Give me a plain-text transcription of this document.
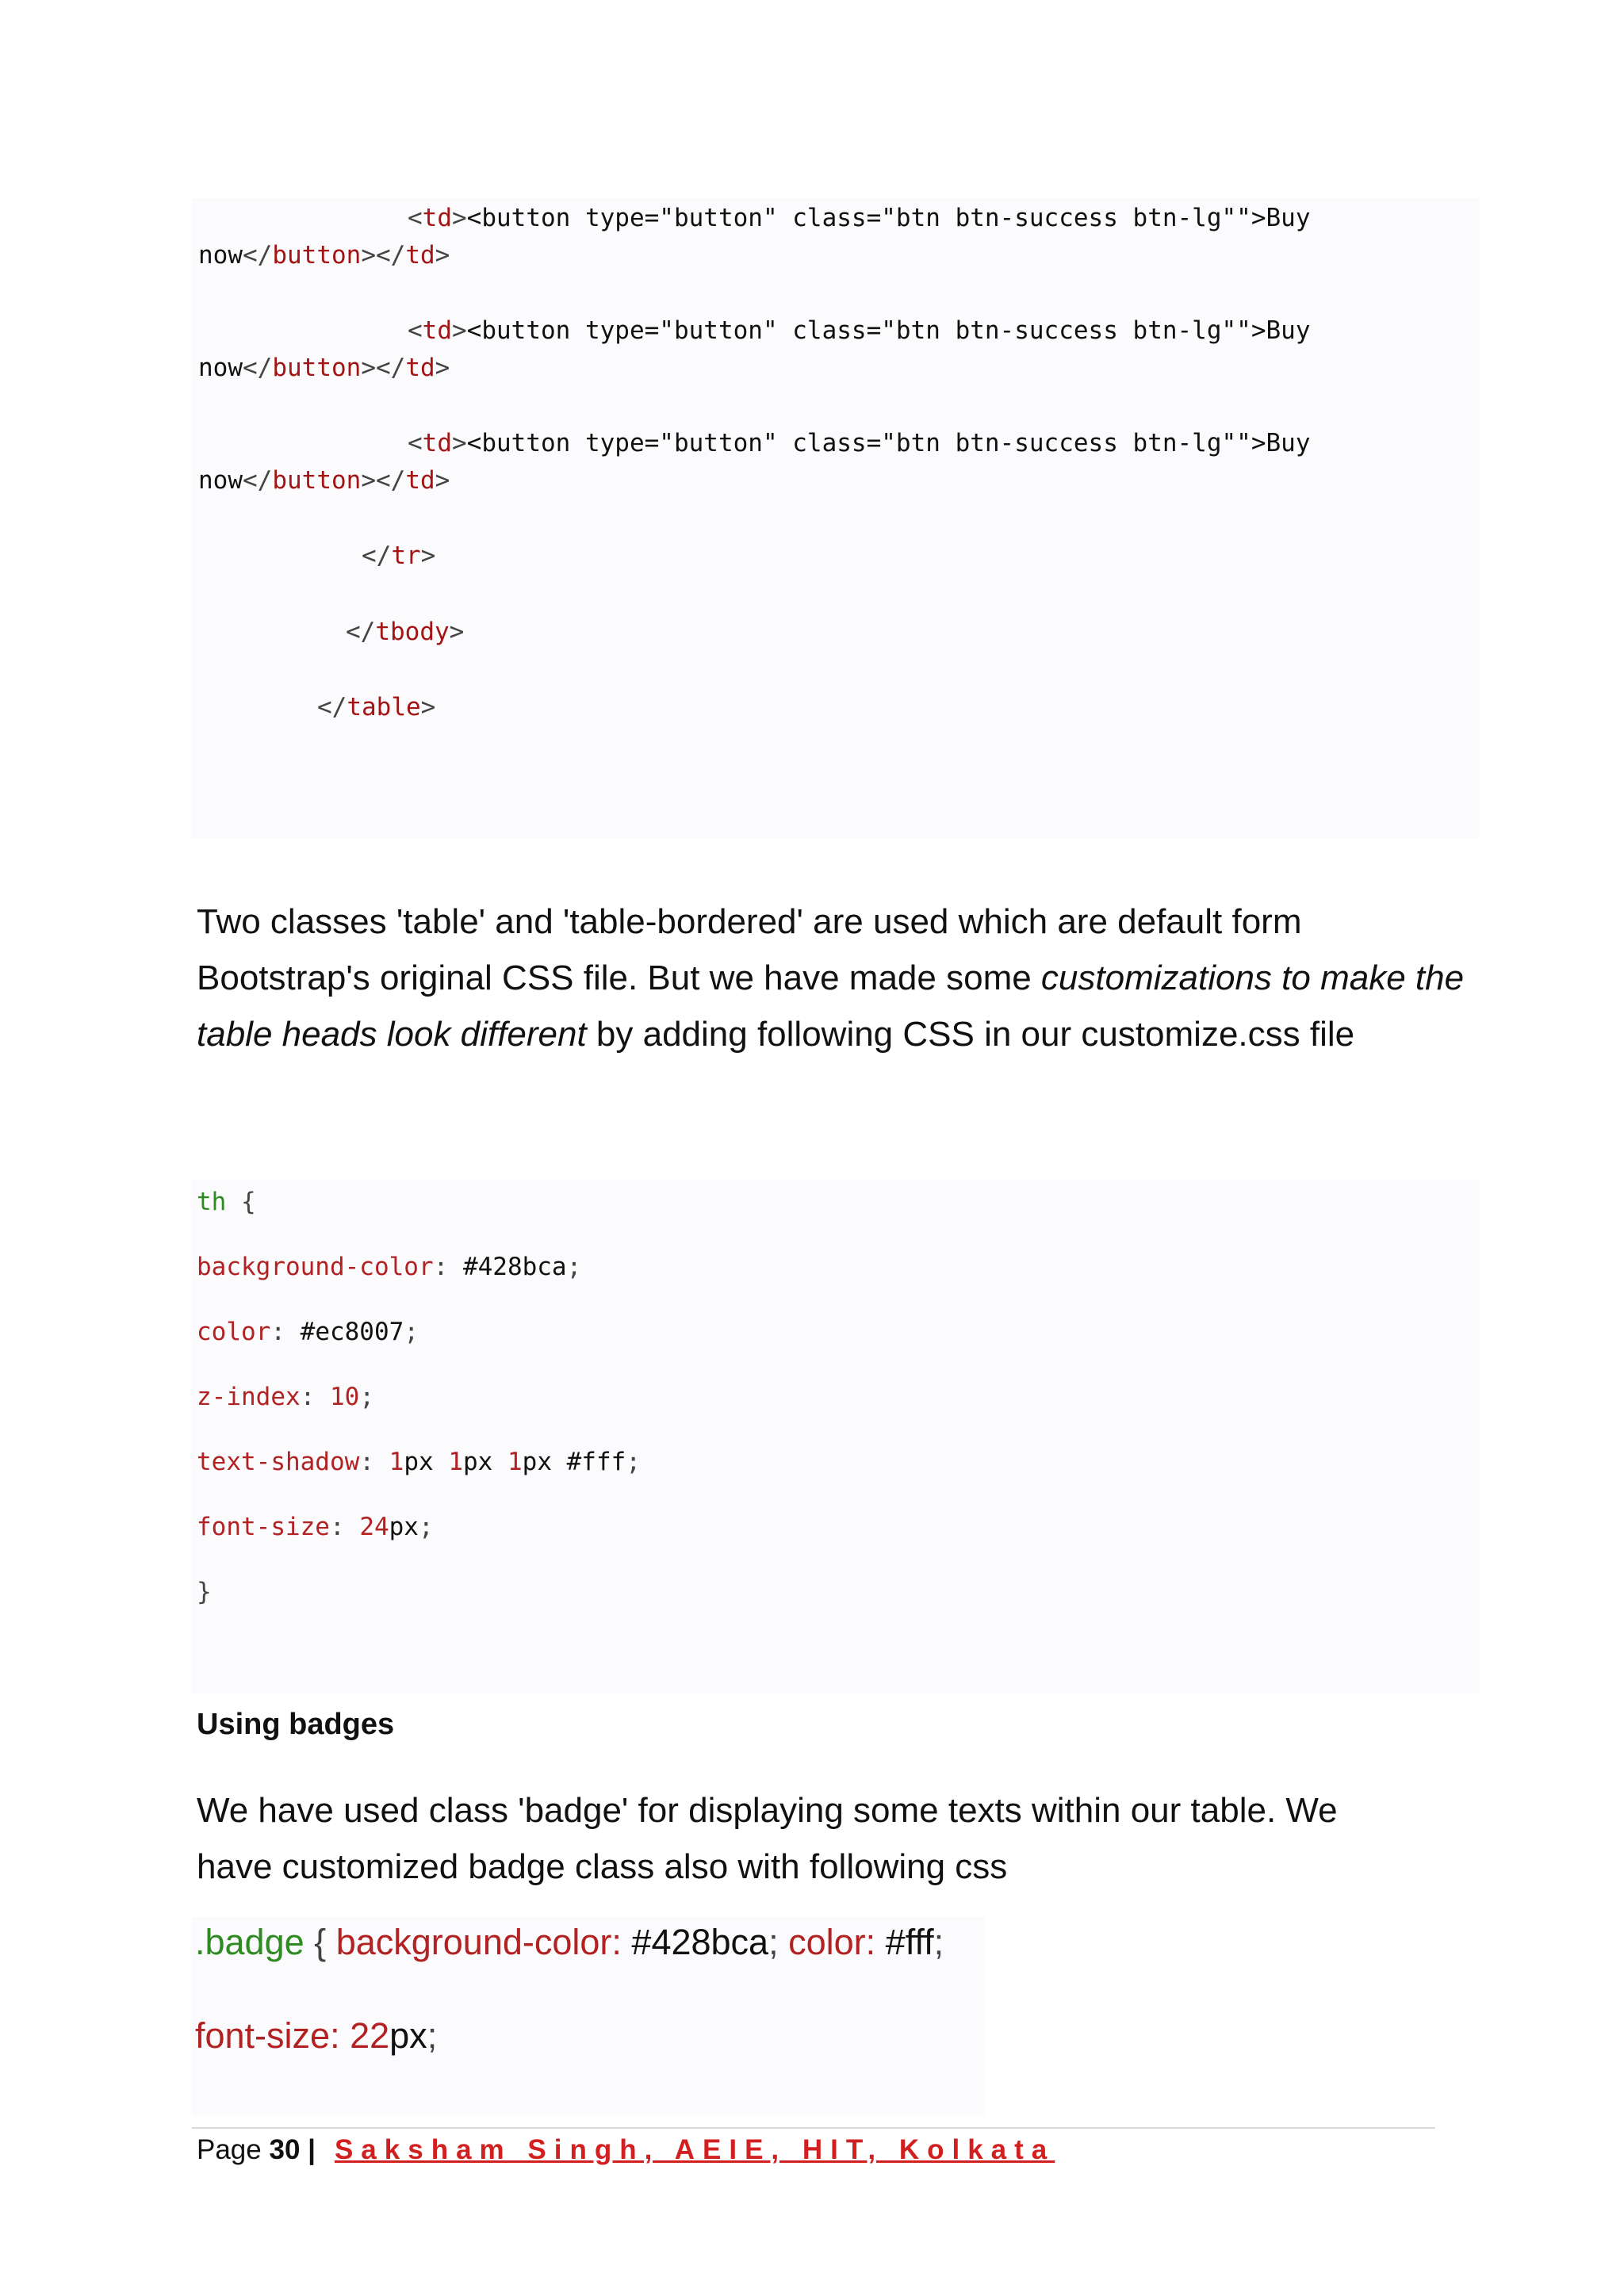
<td><button type="button" class="btn btn-success btn-lg"">Buy
now</button></td>
<td><button type="button" class="btn btn-success btn-lg"">Buy
now</button></td>
<td><button type="button" class="btn btn-success btn-lg"">Buy
now</button></td>
</tr>
</tbody>
</table>
Two classes 'table' and 'table-bordered' are used which are default form Bootstrap's original CSS file. But we have made some customizations to make the table heads look different by adding following CSS in our customize.css file
th {
background-color: #428bca;
color: #ec8007;
z-index: 10;
text-shadow: 1px 1px 1px #fff;
font-size: 24px;
}
Using badges
We have used class 'badge' for displaying some texts within our table. We have customized badge class also with following css
.badge { background-color: #428bca; color: #fff;
font-size: 22px;
Page 30 | Saksham Singh, AEIE, HIT, Kolkata
